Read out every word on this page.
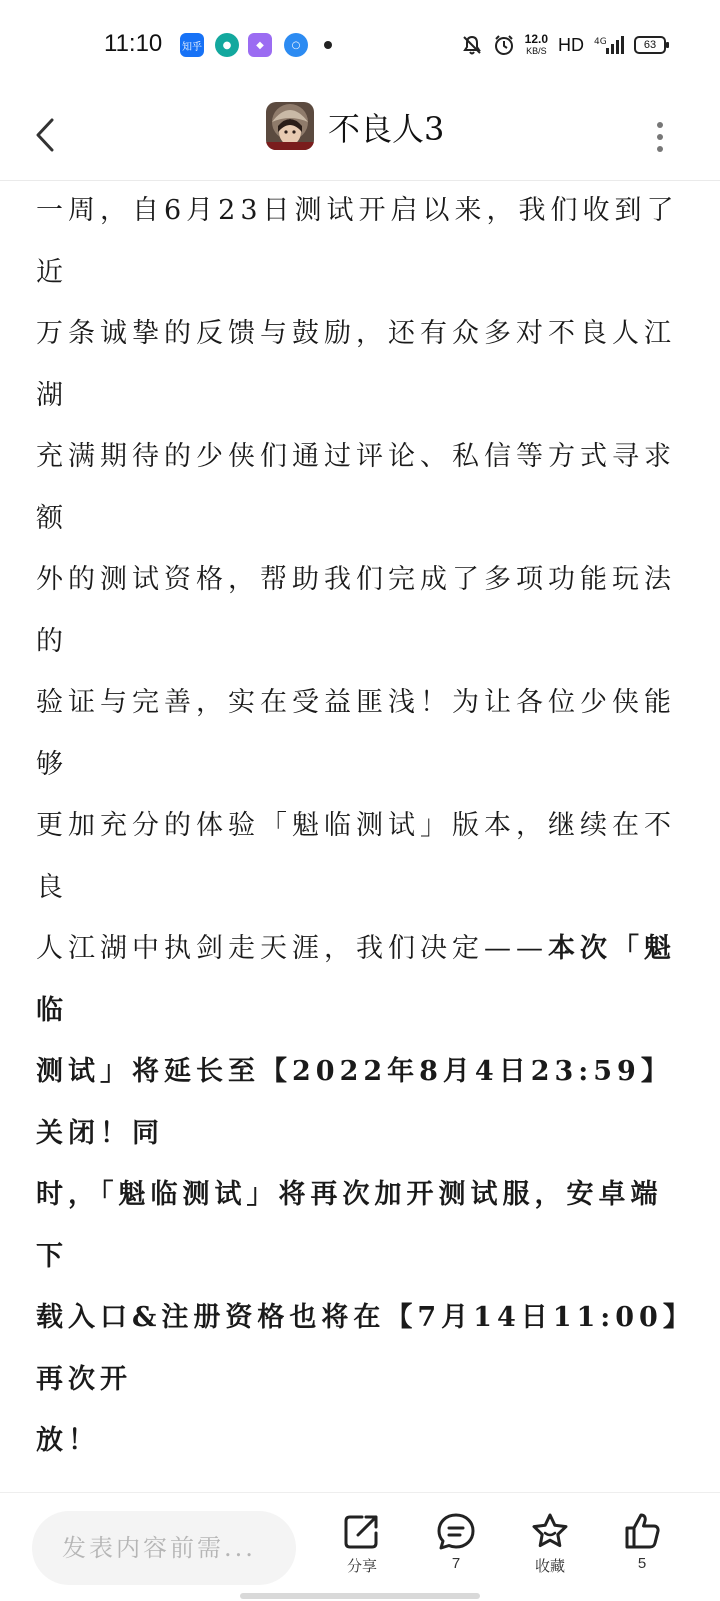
11:10 知乎	●	◆	○	12.0
KB/S HD 4G	63
不良人3
一周，自6月23日测试开启以来，我们收到了近
万条诚挚的反馈与鼓励，还有众多对不良人江湖
充满期待的少侠们通过评论、私信等方式寻求额
外的测试资格，帮助我们完成了多项功能玩法的
验证与完善，实在受益匪浅！为让各位少侠能够
更加充分的体验「魁临测试」版本，继续在不良
人江湖中执剑走天涯，我们决定——本次「魁临
测试」将延长至【2022年8月4日23:59】关闭！同
时，「魁临测试」将再次加开测试服，安卓端下
载入口&注册资格也将在【7月14日11:00】再次开
放！
发表内容前需...
分享	7	收藏	5
